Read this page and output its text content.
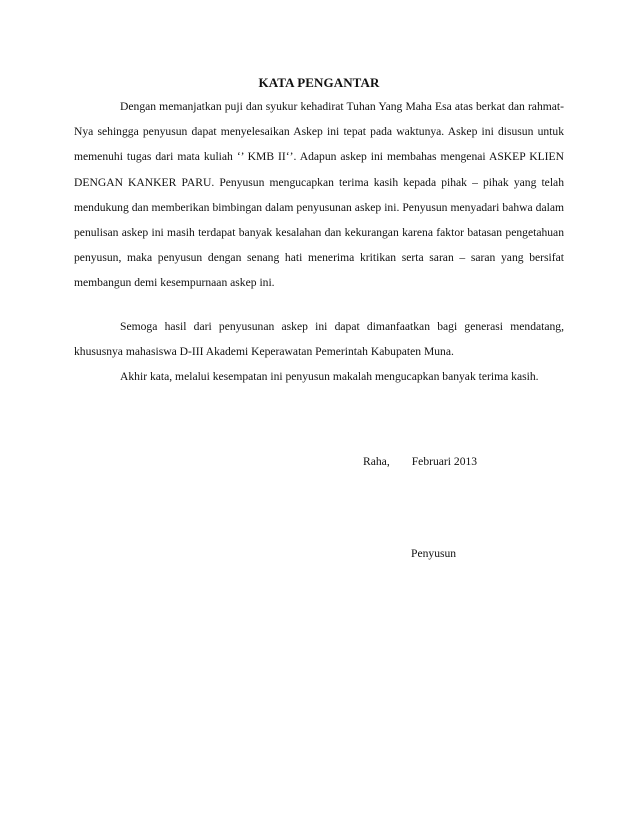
KATA PENGANTAR

Dengan memanjatkan puji dan syukur kehadirat Tuhan Yang Maha Esa atas berkat dan rahmat-Nya sehingga penyusun dapat menyelesaikan Askep ini tepat pada waktunya. Askep ini disusun untuk memenuhi tugas dari mata kuliah ‘’ KMB II‘’. Adapun askep ini membahas mengenai ASKEP KLIEN DENGAN KANKER PARU. Penyusun mengucapkan terima kasih kepada pihak – pihak yang telah mendukung dan memberikan bimbingan dalam penyusunan askep ini. Penyusun menyadari bahwa dalam penulisan askep ini masih terdapat banyak kesalahan dan kekurangan karena faktor batasan pengetahuan penyusun, maka penyusun dengan senang hati menerima kritikan serta saran – saran yang bersifat membangun demi kesempurnaan askep ini.

Semoga hasil dari penyusunan askep ini dapat dimanfaatkan bagi generasi mendatang, khususnya mahasiswa D-III Akademi Keperawatan Pemerintah Kabupaten Muna.

Akhir kata, melalui kesempatan ini penyusun makalah mengucapkan banyak terima kasih.

Raha, Februari 2013
Penyusun
